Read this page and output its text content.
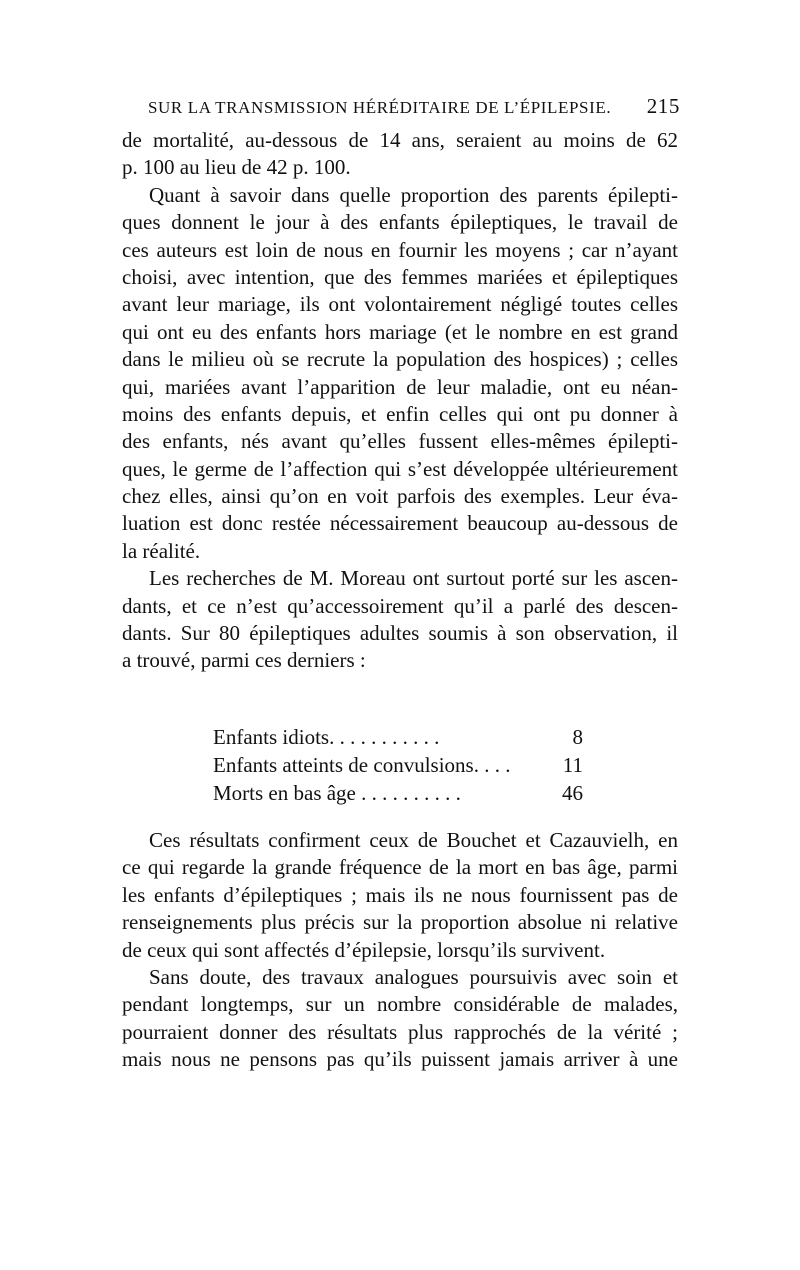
SUR LA TRANSMISSION HÉRÉDITAIRE DE L’ÉPILEPSIE. 215
de mortalité, au-dessous de 14 ans, seraient au moins de 62
p. 100 au lieu de 42 p. 100.
Quant à savoir dans quelle proportion des parents épilepti-
ques donnent le jour à des enfants épileptiques, le travail de
ces auteurs est loin de nous en fournir les moyens ; car n’ayant
choisi, avec intention, que des femmes mariées et épileptiques
avant leur mariage, ils ont volontairement négligé toutes celles
qui ont eu des enfants hors mariage (et le nombre en est grand
dans le milieu où se recrute la population des hospices) ; celles
qui, mariées avant l’apparition de leur maladie, ont eu néan-
moins des enfants depuis, et enfin celles qui ont pu donner à
des enfants, nés avant qu’elles fussent elles-mêmes épilepti-
ques, le germe de l’affection qui s’est développée ultérieurement
chez elles, ainsi qu’on en voit parfois des exemples. Leur éva-
luation est donc restée nécessairement beaucoup au-dessous de
la réalité.
Les recherches de M. Moreau ont surtout porté sur les ascen-
dants, et ce n’est qu’accessoirement qu’il a parlé des descen-
dants. Sur 80 épileptiques adultes soumis à son observation, il
a trouvé, parmi ces derniers :
Enfants idiots. . . . . . . . . . .	8
Enfants atteints de convulsions. . . . 11
Morts en bas âge . . . . . . . . . .	46
Ces résultats confirment ceux de Bouchet et Cazauvielh, en
ce qui regarde la grande fréquence de la mort en bas âge, parmi
les enfants d’épileptiques ; mais ils ne nous fournissent pas de
renseignements plus précis sur la proportion absolue ni relative
de ceux qui sont affectés d’épilepsie, lorsqu’ils survivent.
Sans doute, des travaux analogues poursuivis avec soin et
pendant longtemps, sur un nombre considérable de malades,
pourraient donner des résultats plus rapprochés de la vérité ;
mais nous ne pensons pas qu’ils puissent jamais arriver à une
